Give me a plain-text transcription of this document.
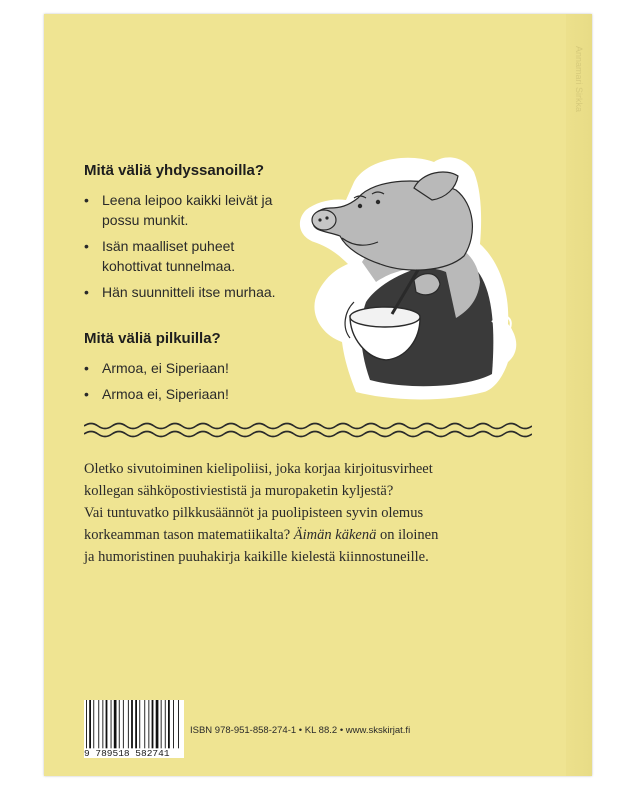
Annamari Sirkka
Mitä väliä yhdyssanoilla?
• Leena leipoo kaikki leivät ja
possu munkit.
• Isän maalliset puheet
kohottivat tunnelmaa.
• Hän suunnitteli itse murhaa.
Mitä väliä pilkuilla?
• Armoa, ei Siperiaan!
• Armoa ei, Siperiaan!

Oletko sivutoiminen kielipoliisi, joka korjaa kirjoitusvirheet
kollegan sähköpostiviestistä ja muropaketin kyljestä?
Vai tuntuvatko pilkkusäännöt ja puolipisteen syvin olemus
korkeamman tason matematiikalta? Äimän käkenä on iloinen
ja humoristinen puuhakirja kaikille kielestä kiinnostuneille.

9 789518 582741
ISBN 978-951-858-274-1 • KL 88.2 • www.skskirjat.fi
